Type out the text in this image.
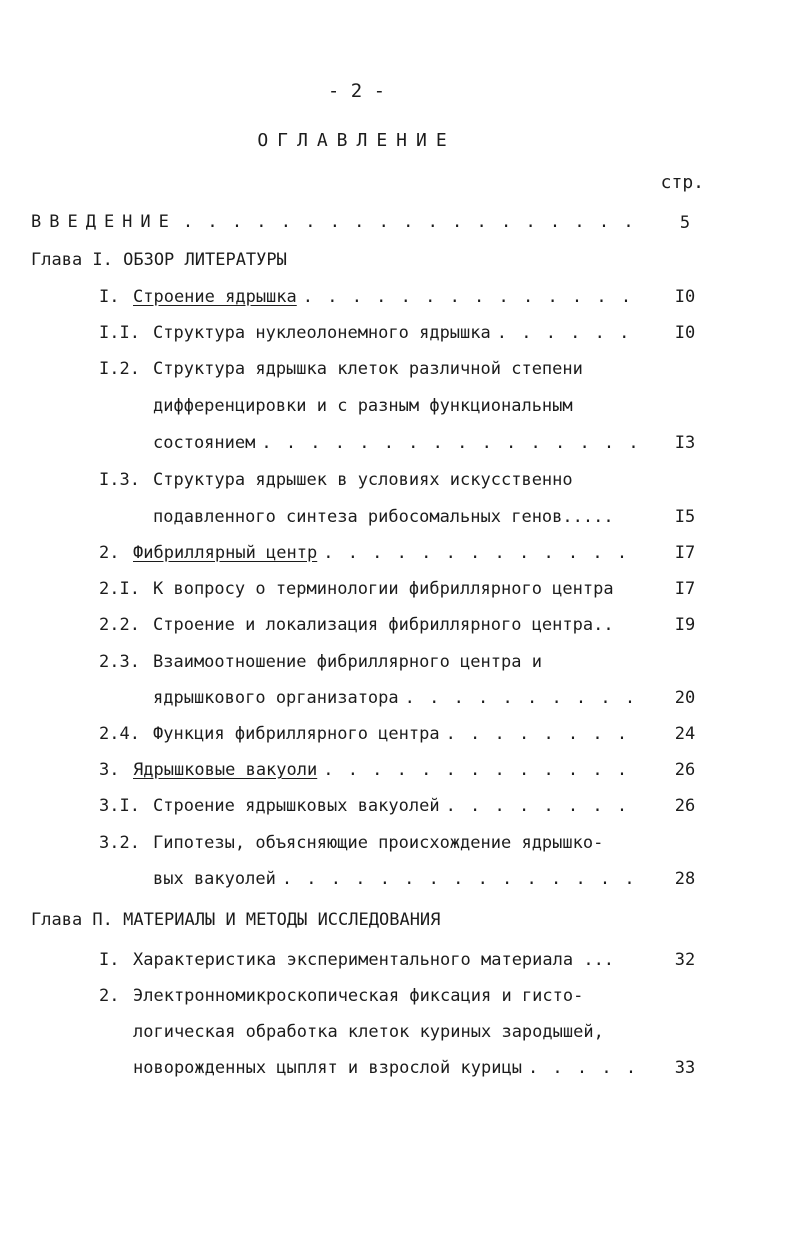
- 2 -
ОГЛАВЛЕНИЕ
стр.
ВВЕДЕНИЕ . . .	5
Глава I. ОБЗОР ЛИТЕРАТУРЫ
I. Строение ядрышка . . .	I0
I.I. Структура нуклеолонемного ядрышка . . .	I0
I.2. Структура ядрышка клеток различной степени
дифференцировки и с разным функциональным
состоянием . . .	I3
I.3. Структура ядрышек в условиях искусственно
подавленного синтеза рибосомальных генов.....	I5
2. Фибриллярный центр . . .	I7
2.I. К вопросу о терминологии фибриллярного центра	I7
2.2. Строение и локализация фибриллярного центра..	I9
2.3. Взаимоотношение фибриллярного центра и
ядрышкового организатора . . .	20
2.4. Функция фибриллярного центра . . .	24
3. Ядрышковые вакуоли . . .	26
3.I. Строение ядрышковых вакуолей . . .	26
3.2. Гипотезы, объясняющие происхождение ядрышко-
вых вакуолей . . .	28
Глава П. МАТЕРИАЛЫ И МЕТОДЫ ИССЛЕДОВАНИЯ
I. Характеристика экспериментального материала ...	32
2. Электронномикроскопическая фиксация и гисто-
логическая обработка клеток куриных зародышей,
новорожденных цыплят и взрослой курицы . . .	33
